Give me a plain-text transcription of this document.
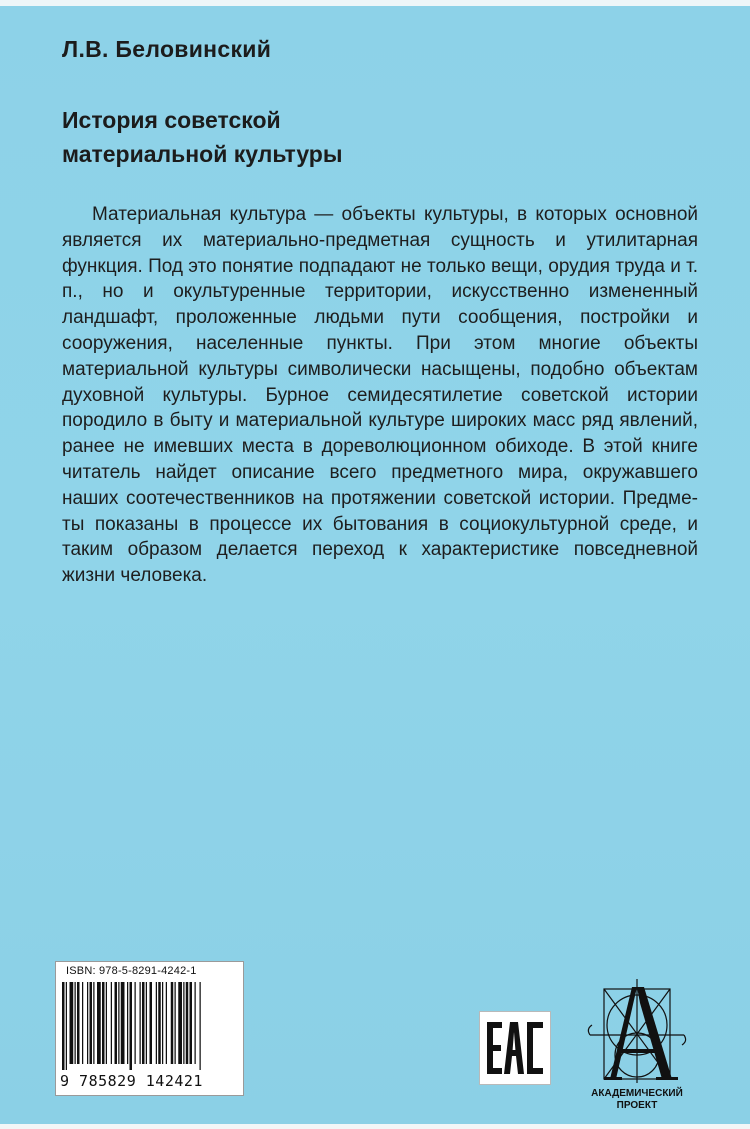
Л.В. Беловинский
История советской
материальной культуры

Материальная культура — объекты культуры, в которых основной является их материально-предметная сущность и утилитарная функция. Под это понятие подпадают не только вещи, орудия труда и т. п., но и окультуренные территории, искусственно измененный ландшафт, проложенные людьми пути сообщения, постройки и сооружения, населенные пункты. При этом многие объекты материальной культуры символически насыщены, подобно объектам духовной культуры. Бурное семидесятилетие советской истории породило в быту и материальной культуре широких масс ряд явлений, ранее не имевших места в дореволюционном обиходе. В этой книге читатель найдет описание всего предметного мира, окружавшего наших соотечественников на протяжении советской истории. Предметы показаны в процессе их бытования в социокультурной среде, и таким образом делается переход к характеристике повседневной жизни человека.

ISBN: 978-5-8291-4242-1
9 785829 142421

АКАДЕМИЧЕСКИЙ
ПРОЕКТ
